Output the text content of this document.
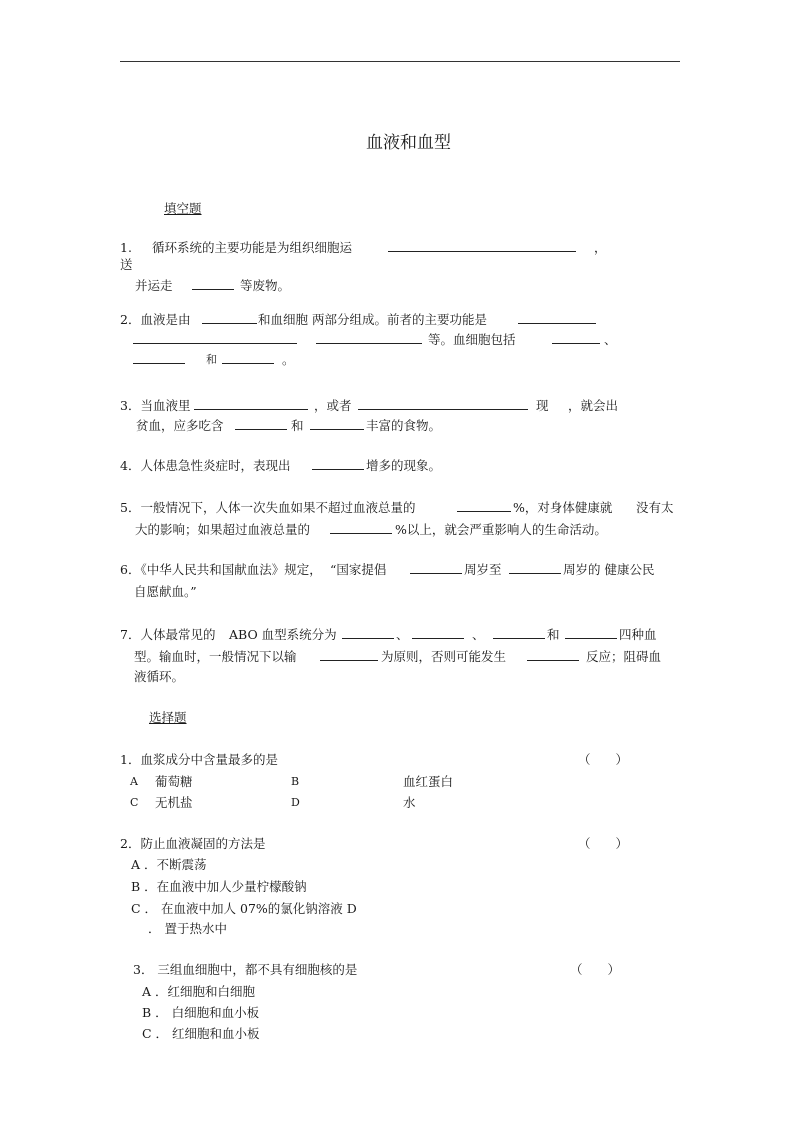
血液和血型
填空题
1. 循环系统的主要功能是为组织细胞运	，
送
并运走	等废物。
2．血液是由	和血细胞 两部分组成。前者的主要功能是
等。血细胞包括	、
和	。
3．当血液里	，或者	现 ，就会出
贫血，应多吃含	和	丰富的食物。
4．人体患急性炎症时，表现出	增多的现象。
5．一般情况下，人体一次失血如果不超过血液总量的	%，对身体健康就 没有太
大的影响；如果超过血液总量的	%以上，就会严重影响人的生命活动。
6．《中华人民共和国献血法》规定， “国家提倡	周岁至	周岁的 健康公民
自愿献血。”
7．人体最常见的 ABO 血型系统分为	、	、	和	四种血
型。输血时，一般情况下以输	为原则，否则可能发生	反应；阻碍血
液循环。
选择题
1．血浆成分中含量最多的是	（　　）
A 葡萄糖	B	血红蛋白
C 无机盐	D	水
2．防止血液凝固的方法是	（　　）
A ．不断震荡
B ．在血液中加人少量柠檬酸钠
C ． 在血液中加人 07%的氯化钠溶液 D
． 置于热水中
3． 三组血细胞中，都不具有细胞核的是	（　　）
A ．红细胞和白细胞
B ． 白细胞和血小板
C ． 红细胞和血小板
